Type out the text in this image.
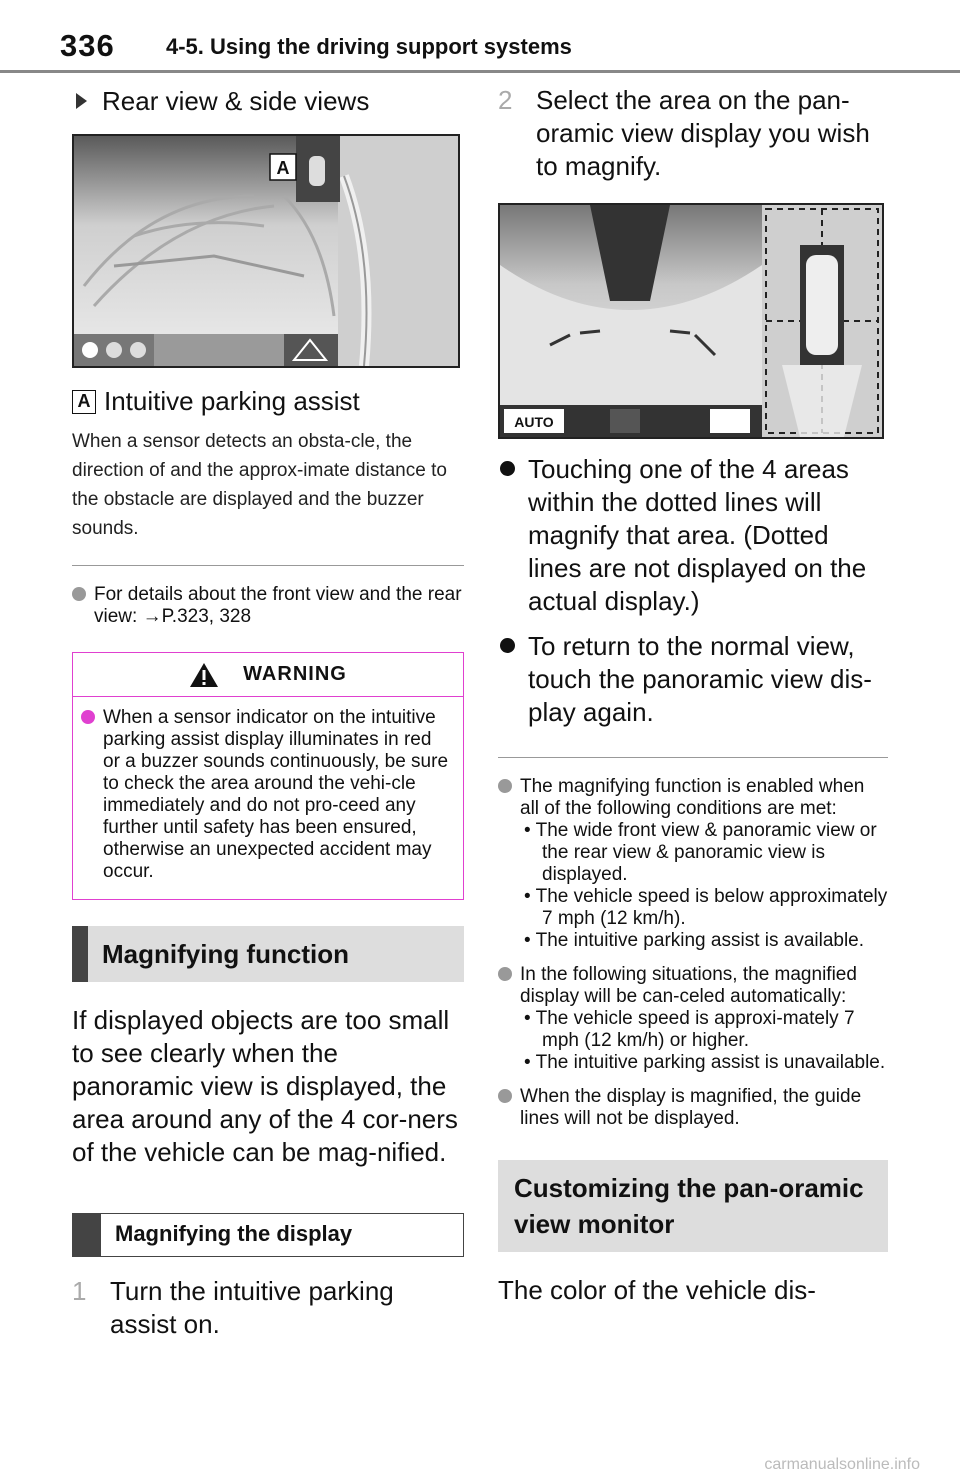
336 4-5. Using the driving support systems
Rear view & side views
A
A Intuitive parking assist
When a sensor detects an obsta-cle, the direction of and the approx-imate distance to the obstacle are displayed and the buzzer sounds.
For details about the front view and the rear view: →P.323, 328
WARNING
When a sensor indicator on the intuitive parking assist display illuminates in red or a buzzer sounds continuously, be sure to check the area around the vehi-cle immediately and do not pro-ceed any further until safety has been ensured, otherwise an unexpected accident may occur.
Magnifying function
If displayed objects are too small to see clearly when the panoramic view is displayed, the area around any of the 4 cor-ners of the vehicle can be mag-nified.
Magnifying the display
1 Turn the intuitive parking assist on.
2 Select the area on the pan-oramic view display you wish to magnify.
AUTO
Touching one of the 4 areas within the dotted lines will magnify that area. (Dotted lines are not displayed on the actual display.)
To return to the normal view, touch the panoramic view dis-play again.
The magnifying function is enabled when all of the following conditions are met:
• The wide front view & panoramic view or the rear view & panoramic view is displayed.
• The vehicle speed is below approximately 7 mph (12 km/h).
• The intuitive parking assist is available.
In the following situations, the magnified display will be can-celed automatically:
• The vehicle speed is approxi-mately 7 mph (12 km/h) or higher.
• The intuitive parking assist is unavailable.
When the display is magnified, the guide lines will not be displayed.
Customizing the pan-oramic view monitor
The color of the vehicle dis-
carmanualsonline.info
